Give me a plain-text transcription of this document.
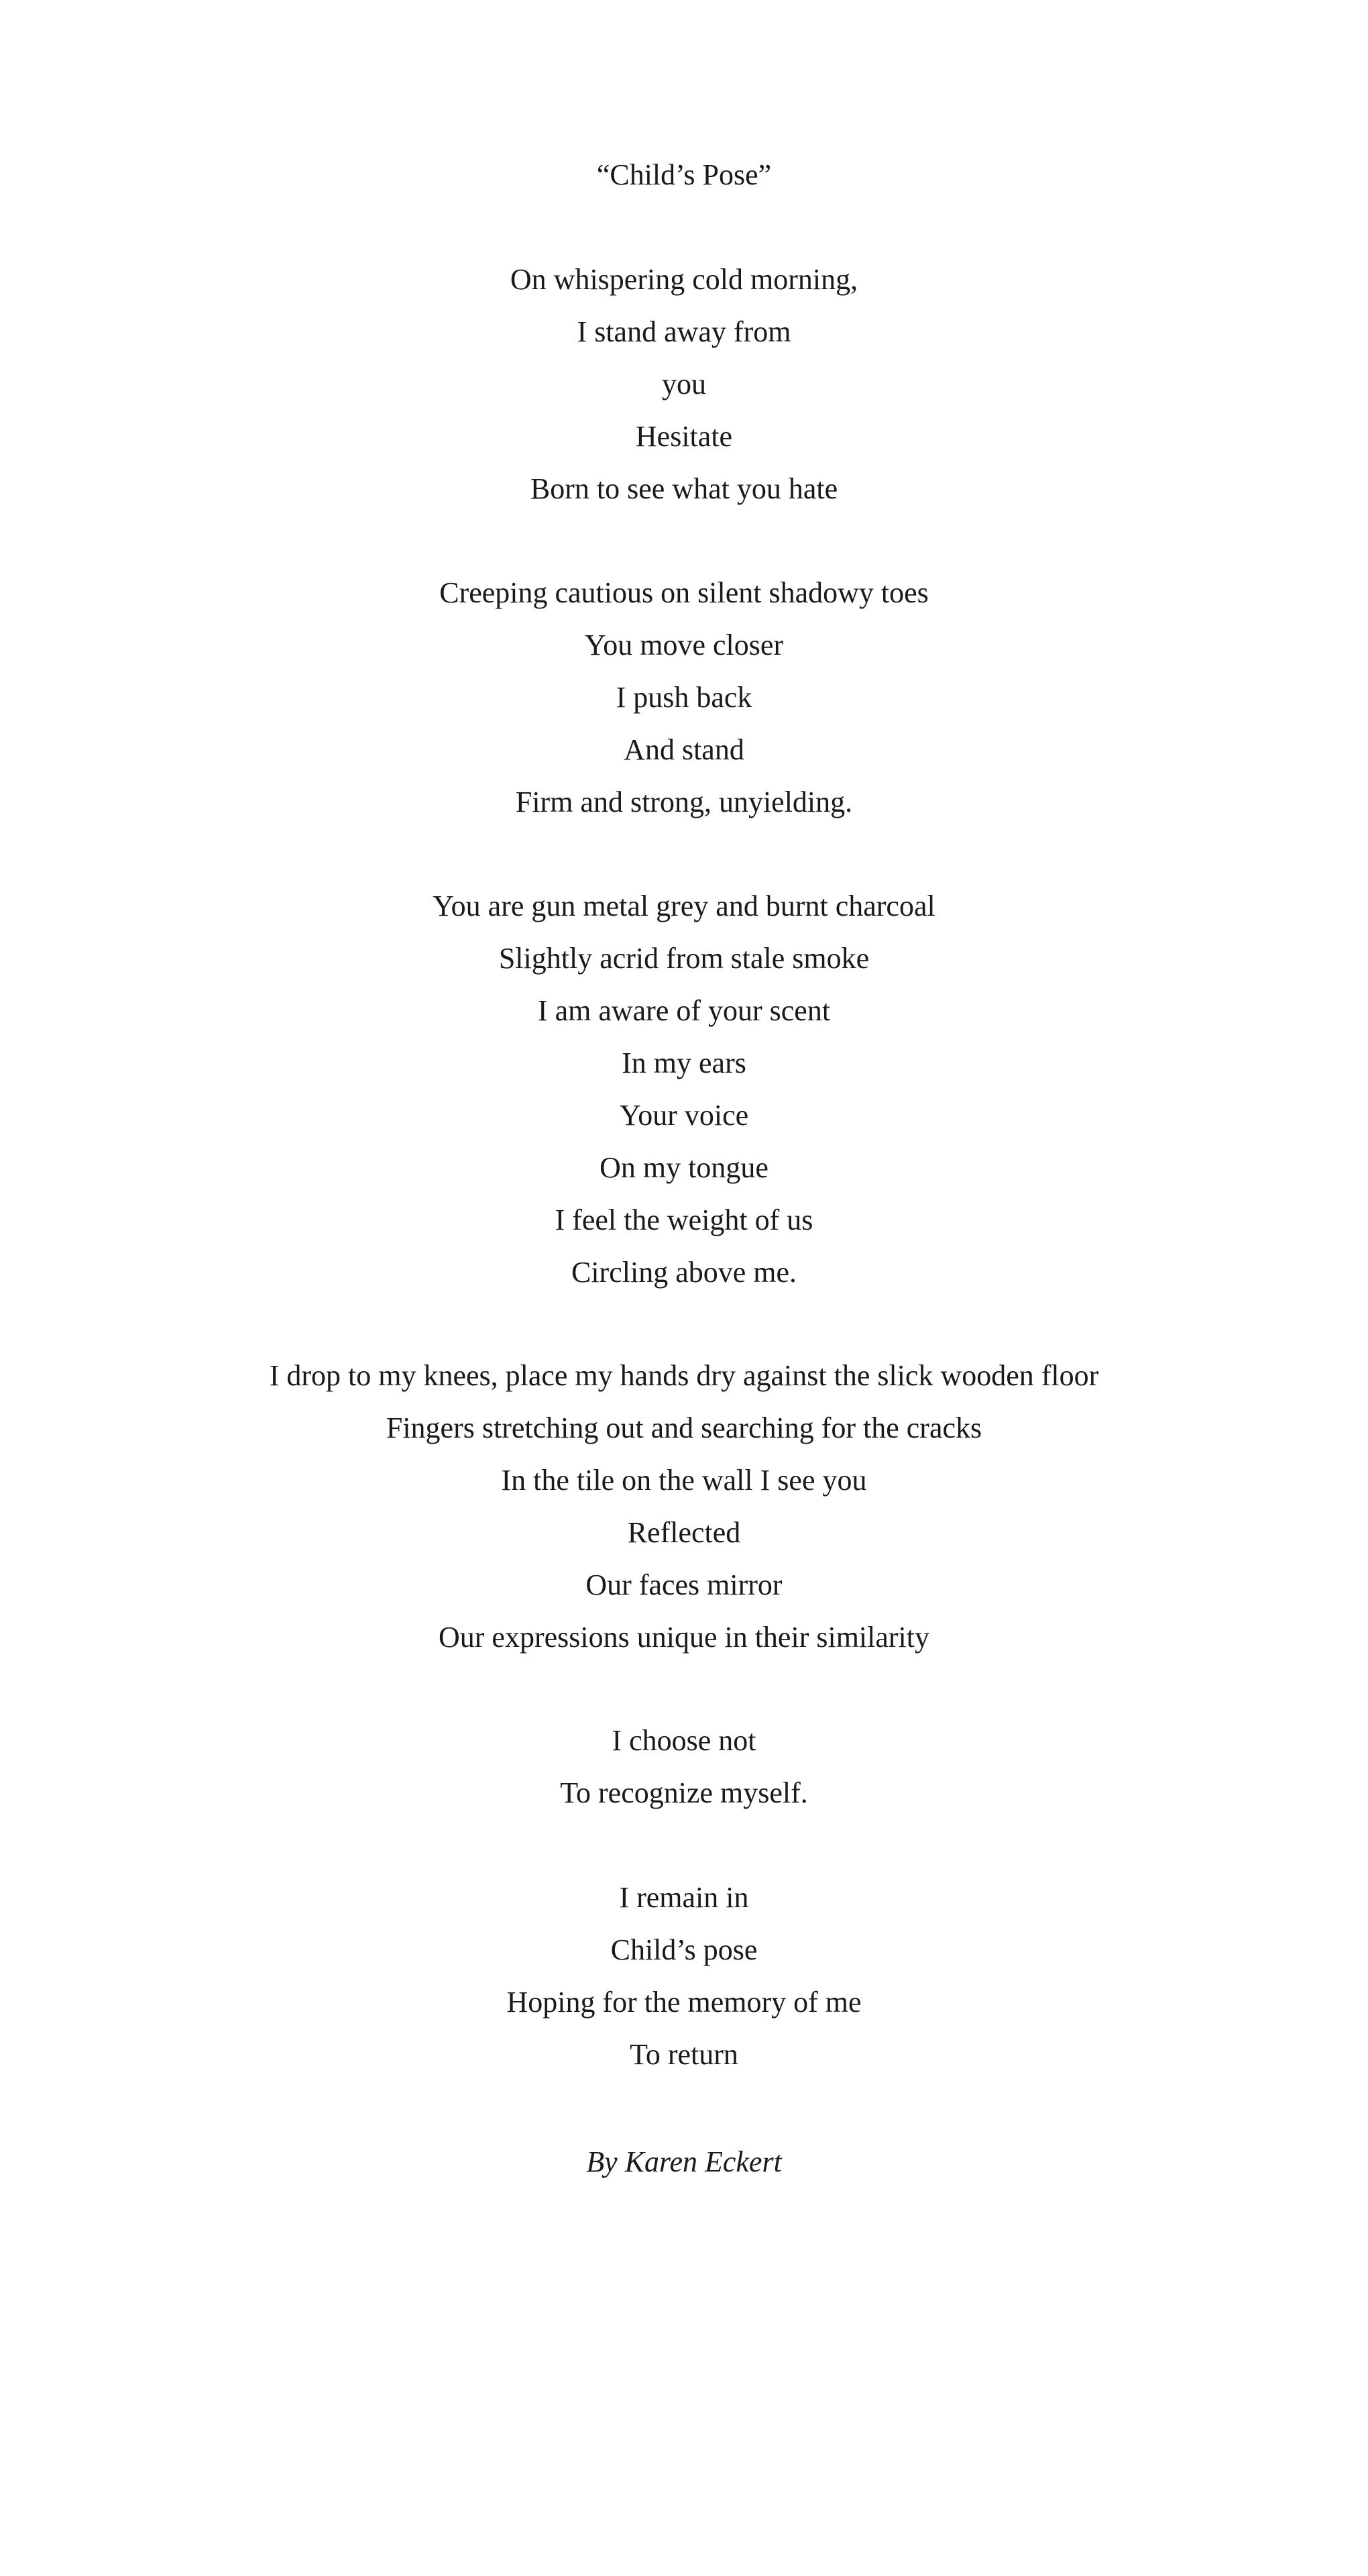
“Child’s Pose”
On whispering cold morning,
I stand away from
you
Hesitate
Born to see what you hate
Creeping cautious on silent shadowy toes
You move closer
I push back
And stand
Firm and strong, unyielding.
You are gun metal grey and burnt charcoal
Slightly acrid from stale smoke
I am aware of your scent
In my ears
Your voice
On my tongue
I feel the weight of us
Circling above me.
I drop to my knees, place my hands dry against the slick wooden floor
Fingers stretching out and searching for the cracks
In the tile on the wall I see you
Reflected
Our faces mirror
Our expressions unique in their similarity
I choose not
To recognize myself.
I remain in
Child’s pose
Hoping for the memory of me
To return
By Karen Eckert
